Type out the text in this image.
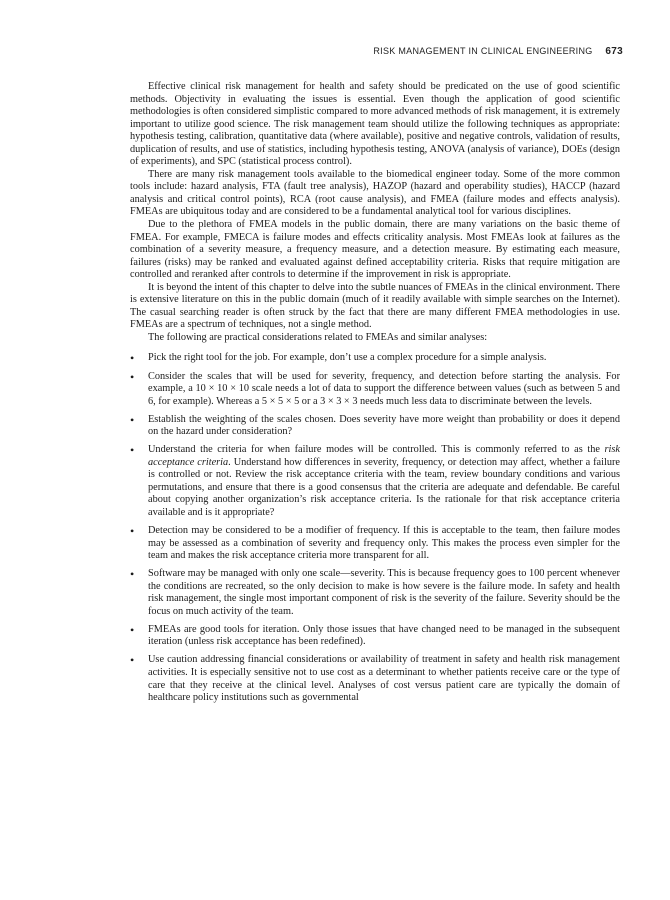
RISK MANAGEMENT IN CLINICAL ENGINEERING 673

Effective clinical risk management for health and safety should be predicated on the use of good scientific methods. Objectivity in evaluating the issues is essential. Even though the application of good scientific methodologies is often considered simplistic compared to more advanced methods of risk management, it is extremely important to utilize good science. The risk management team should utilize the following techniques as appropriate: hypothesis testing, calibration, quantitative data (where available), positive and negative controls, validation of results, duplication of results, and use of statistics, including hypothesis testing, ANOVA (analysis of variance), DOEs (design of experiments), and SPC (statistical process control).

There are many risk management tools available to the biomedical engineer today. Some of the more common tools include: hazard analysis, FTA (fault tree analysis), HAZOP (hazard and operability studies), HACCP (hazard analysis and critical control points), RCA (root cause analysis), and FMEA (failure modes and effects analysis). FMEAs are ubiquitous today and are considered to be a fundamental analytical tool for various disciplines.

Due to the plethora of FMEA models in the public domain, there are many variations on the basic theme of FMEA. For example, FMECA is failure modes and effects criticality analysis. Most FMEAs look at failures as the combination of a severity measure, a frequency measure, and a detection measure. By estimating each measure, failures (risks) may be ranked and evaluated against defined acceptability criteria. Risks that require mitigation are controlled and reranked after controls to determine if the improvement in risk is appropriate.

It is beyond the intent of this chapter to delve into the subtle nuances of FMEAs in the clinical environment. There is extensive literature on this in the public domain (much of it readily available with simple searches on the Internet). The casual searching reader is often struck by the fact that there are many different FMEA methodologies in use. FMEAs are a spectrum of techniques, not a single method.

The following are practical considerations related to FMEAs and similar analyses:

• Pick the right tool for the job. For example, don’t use a complex procedure for a simple analysis.
• Consider the scales that will be used for severity, frequency, and detection before starting the analysis. For example, a 10 × 10 × 10 scale needs a lot of data to support the difference between values (such as between 5 and 6, for example). Whereas a 5 × 5 × 5 or a 3 × 3 × 3 needs much less data to discriminate between the levels.
• Establish the weighting of the scales chosen. Does severity have more weight than probability or does it depend on the hazard under consideration?
• Understand the criteria for when failure modes will be controlled. This is commonly referred to as the risk acceptance criteria. Understand how differences in severity, frequency, or detection may affect, whether a failure is controlled or not. Review the risk acceptance criteria with the team, review boundary conditions and various permutations, and ensure that there is a good consensus that the criteria are adequate and defendable. Be careful about copying another organization’s risk acceptance criteria. Is the rationale for that risk acceptance criteria available and is it appropriate?
• Detection may be considered to be a modifier of frequency. If this is acceptable to the team, then failure modes may be assessed as a combination of severity and frequency only. This makes the process even simpler for the team and makes the risk acceptance criteria more transparent for all.
• Software may be managed with only one scale—severity. This is because frequency goes to 100 percent whenever the conditions are recreated, so the only decision to make is how severe is the failure mode. In safety and health risk management, the single most important component of risk is the severity of the failure. Severity should be the focus on much activity of the team.
• FMEAs are good tools for iteration. Only those issues that have changed need to be managed in the subsequent iteration (unless risk acceptance has been redefined).
• Use caution addressing financial considerations or availability of treatment in safety and health risk management activities. It is especially sensitive not to use cost as a determinant to whether patients receive care or the type of care that they receive at the clinical level. Analyses of cost versus patient care are typically the domain of healthcare policy institutions such as governmental
